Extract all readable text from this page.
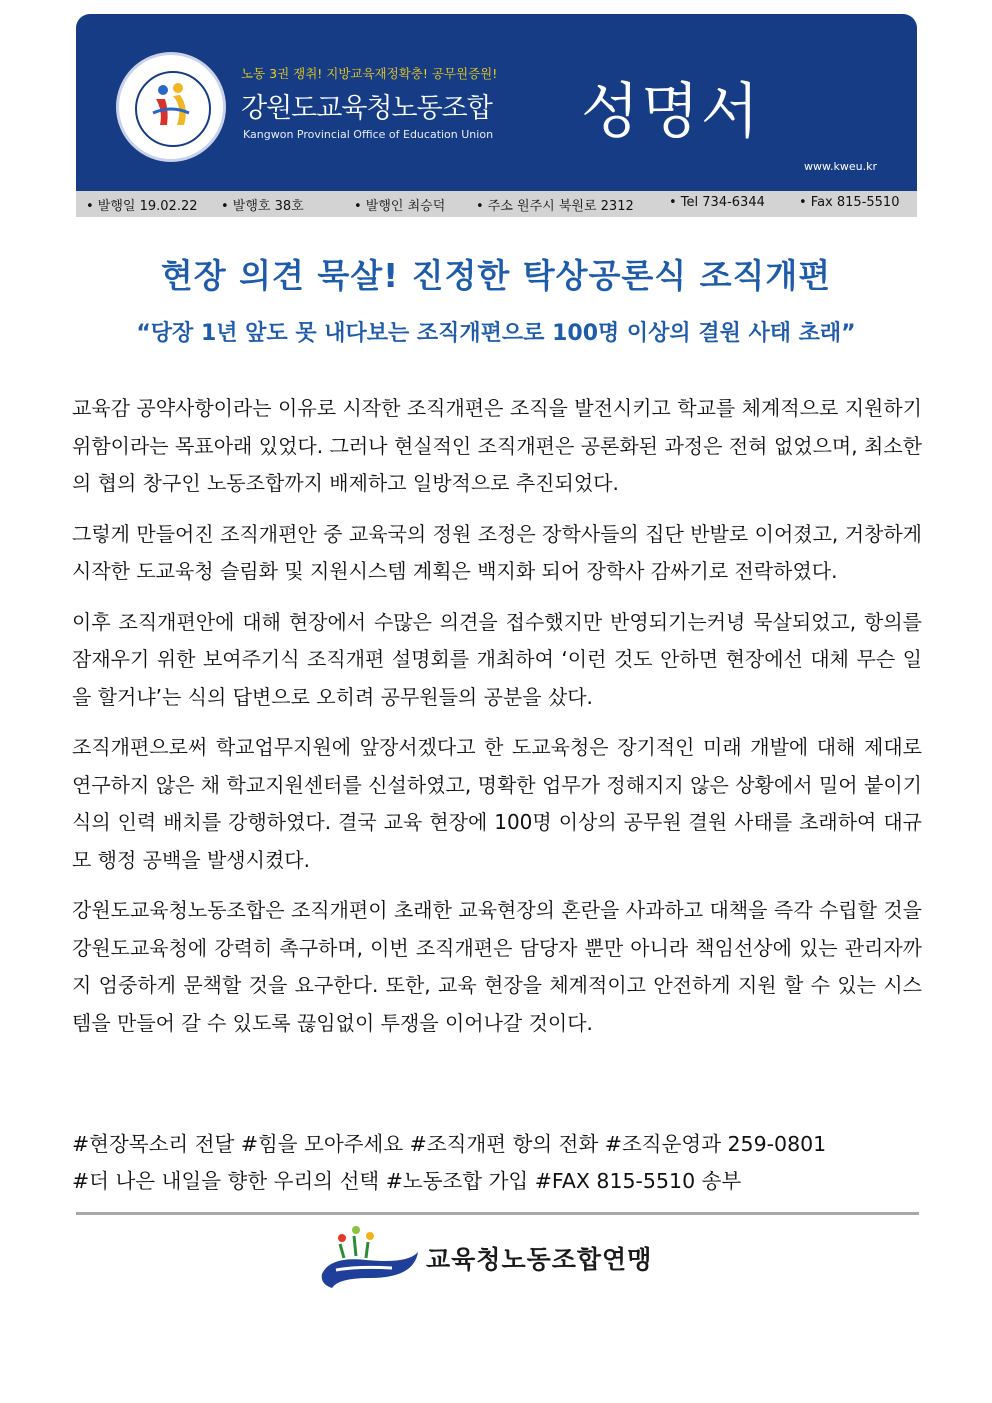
노동 3권 쟁취! 지방교육재정확충! 공무원증원!
강원도교육청노동조합
Kangwon Provincial Office of Education Union 성명서
www.kweu.kr
• 발행일 19.02.22 • 발행호 38호	• 발행인 최승덕 • 주소 원주시 북원로 2312	• Tel 734-6344	• Fax 815-5510
현장 의견 묵살! 진정한 탁상공론식 조직개편
“당장 1년 앞도 못 내다보는 조직개편으로 100명 이상의 결원 사태 초래”

교육감 공약사항이라는 이유로 시작한 조직개편은 조직을 발전시키고 학교를 체계적으로 지원하기 위함이라는 목표아래 있었다. 그러나 현실적인 조직개편은 공론화된 과정은 전혀 없었으며, 최소한의 협의 창구인 노동조합까지 배제하고 일방적으로 추진되었다.

그렇게 만들어진 조직개편안 중 교육국의 정원 조정은 장학사들의 집단 반발로 이어졌고, 거창하게 시작한 도교육청 슬림화 및 지원시스템 계획은 백지화 되어 장학사 감싸기로 전락하였다.

이후 조직개편안에 대해 현장에서 수많은 의견을 접수했지만 반영되기는커녕 묵살되었고, 항의를 잠재우기 위한 보여주기식 조직개편 설명회를 개최하여 ‘이런 것도 안하면 현장에선 대체 무슨 일을 할거냐’는 식의 답변으로 오히려 공무원들의 공분을 샀다.

조직개편으로써 학교업무지원에 앞장서겠다고 한 도교육청은 장기적인 미래 개발에 대해 제대로 연구하지 않은 채 학교지원센터를 신설하였고, 명확한 업무가 정해지지 않은 상황에서 밀어 붙이기 식의 인력 배치를 강행하였다. 결국 교육 현장에 100명 이상의 공무원 결원 사태를 초래하여 대규모 행정 공백을 발생시켰다.

강원도교육청노동조합은 조직개편이 초래한 교육현장의 혼란을 사과하고 대책을 즉각 수립할 것을 강원도교육청에 강력히 촉구하며, 이번 조직개편은 담당자 뿐만 아니라 책임선상에 있는 관리자까지 엄중하게 문책할 것을 요구한다. 또한, 교육 현장을 체계적이고 안전하게 지원 할 수 있는 시스템을 만들어 갈 수 있도록 끊임없이 투쟁을 이어나갈 것이다.

#현장목소리 전달 #힘을 모아주세요 #조직개편 항의 전화 #조직운영과 259-0801
#더 나은 내일을 향한 우리의 선택 #노동조합 가입 #FAX 815-5510 송부
교육청노동조합연맹
